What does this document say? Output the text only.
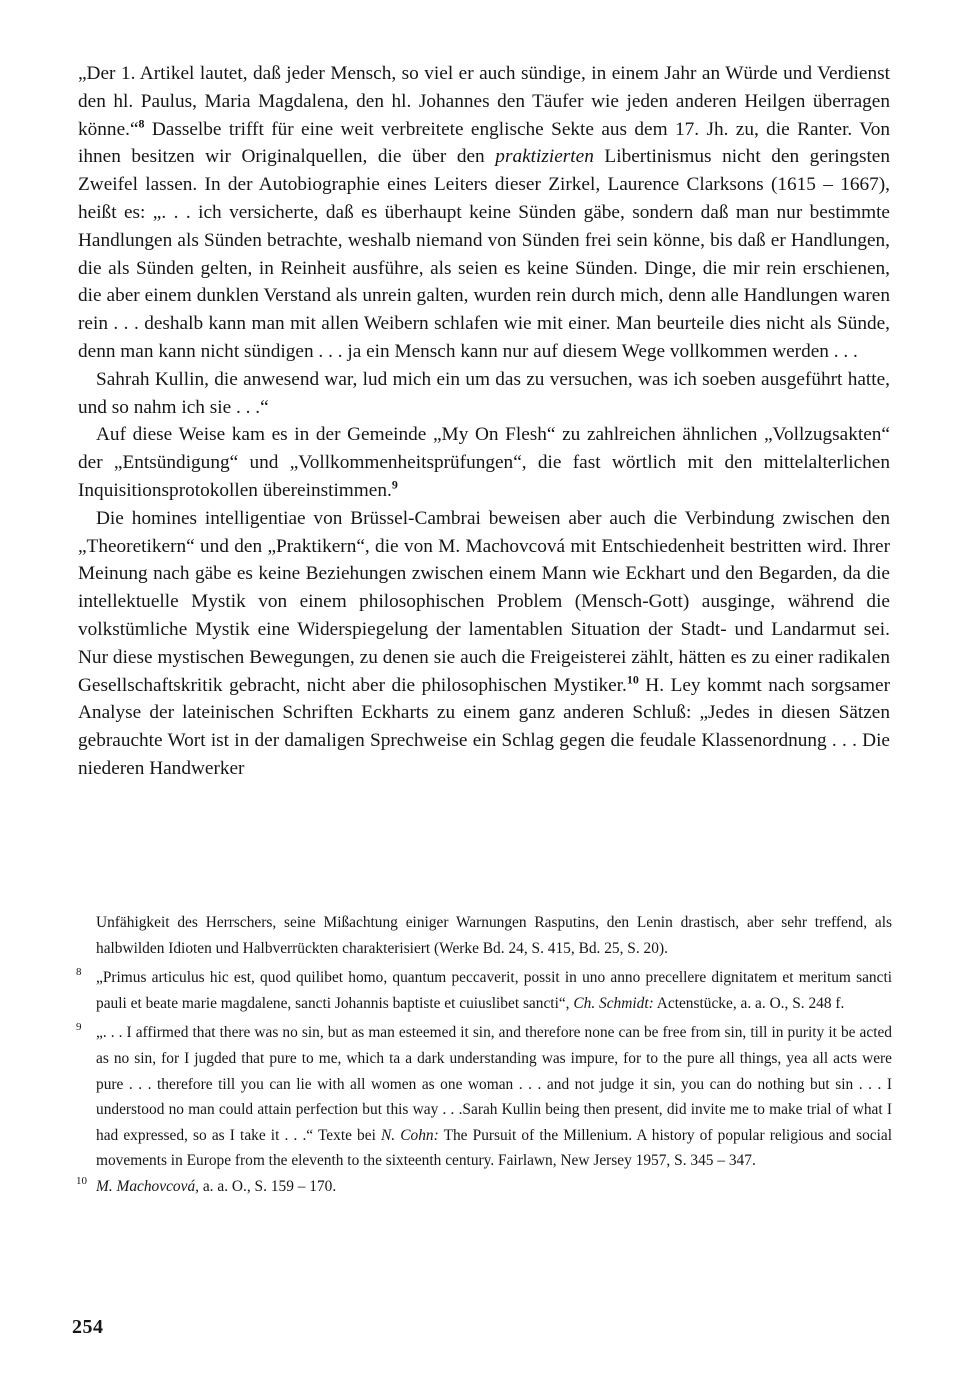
„Der 1. Artikel lautet, daß jeder Mensch, so viel er auch sündige, in einem Jahr an Würde und Verdienst den hl. Paulus, Maria Magdalena, den hl. Johannes den Täufer wie jeden anderen Heilgen überragen könne.“$^8$ Dasselbe trifft für eine weit verbreitete englische Sekte aus dem 17. Jh. zu, die Ranter. Von ihnen besitzen wir Originalquellen, die über den praktizierten Libertinismus nicht den geringsten Zweifel lassen. In der Autobiographie eines Leiters dieser Zirkel, Laurence Clarksons (1615 – 1667), heißt es: „. . . ich versicherte, daß es überhaupt keine Sünden gäbe, sondern daß man nur bestimmte Handlungen als Sünden betrachte, weshalb niemand von Sünden frei sein könne, bis daß er Handlungen, die als Sünden gelten, in Reinheit ausführe, als seien es keine Sünden. Dinge, die mir rein erschienen, die aber einem dunklen Verstand als unrein galten, wurden rein durch mich, denn alle Handlungen waren rein . . . deshalb kann man mit allen Weibern schlafen wie mit einer. Man beurteile dies nicht als Sünde, denn man kann nicht sündigen . . . ja ein Mensch kann nur auf diesem Wege vollkommen werden . . .

Sahrah Kullin, die anwesend war, lud mich ein um das zu versuchen, was ich soeben ausgeführt hatte, und so nahm ich sie . . .“

Auf diese Weise kam es in der Gemeinde „My On Flesh“ zu zahlreichen ähnlichen „Vollzugsakten“ der „Entsündigung“ und „Vollkommenheitsprüfungen“, die fast wörtlich mit den mittelalterlichen Inquisitionsprotokollen übereinstimmen.$^9$

Die homines intelligentiae von Brüssel-Cambrai beweisen aber auch die Verbindung zwischen den „Theoretikern“ und den „Praktikern“, die von M. Machovcová mit Entschiedenheit bestritten wird. Ihrer Meinung nach gäbe es keine Beziehungen zwischen einem Mann wie Eckhart und den Begarden, da die intellektuelle Mystik von einem philosophischen Problem (Mensch-Gott) ausginge, während die volkstümliche Mystik eine Widerspiegelung der lamentablen Situation der Stadt- und Landarmut sei. Nur diese mystischen Bewegungen, zu denen sie auch die Freigeisterei zählt, hätten es zu einer radikalen Gesellschaftskritik gebracht, nicht aber die philosophischen Mystiker.$^{10}$ H. Ley kommt nach sorgsamer Analyse der lateinischen Schriften Eckharts zu einem ganz anderen Schluß: „Jedes in diesen Sätzen gebrauchte Wort ist in der damaligen Sprechweise ein Schlag gegen die feudale Klassenordnung . . . Die niederen Handwerker

Unfähigkeit des Herrschers, seine Mißachtung einiger Warnungen Rasputins, den Lenin drastisch, aber sehr treffend, als halbwilden Idioten und Halbverrückten charakterisiert (Werke Bd. 24, S. 415, Bd. 25, S. 20).

8 „Primus articulus hic est, quod quilibet homo, quantum peccaverit, possit in uno anno precellere dignitatem et meritum sancti pauli et beate marie magdalene, sancti Johannis baptiste et cuiuslibet sancti“, Ch. Schmidt: Actenstücke, a. a. O., S. 248 f.

9 „. . . I affirmed that there was no sin, but as man esteemed it sin, and therefore none can be free from sin, till in purity it be acted as no sin, for I jugded that pure to me, which ta a dark understanding was impure, for to the pure all things, yea all acts were pure . . . therefore till you can lie with all women as one woman . . . and not judge it sin, you can do nothing but sin . . . I understood no man could attain perfection but this way . . .Sarah Kullin being then present, did invite me to make trial of what I had expressed, so as I take it . . .“ Texte bei N. Cohn: The Pursuit of the Millenium. A history of popular religious and social movements in Europe from the eleventh to the sixteenth century. Fairlawn, New Jersey 1957, S. 345 – 347.

10 M. Machovcová, a. a. O., S. 159 – 170.

254
